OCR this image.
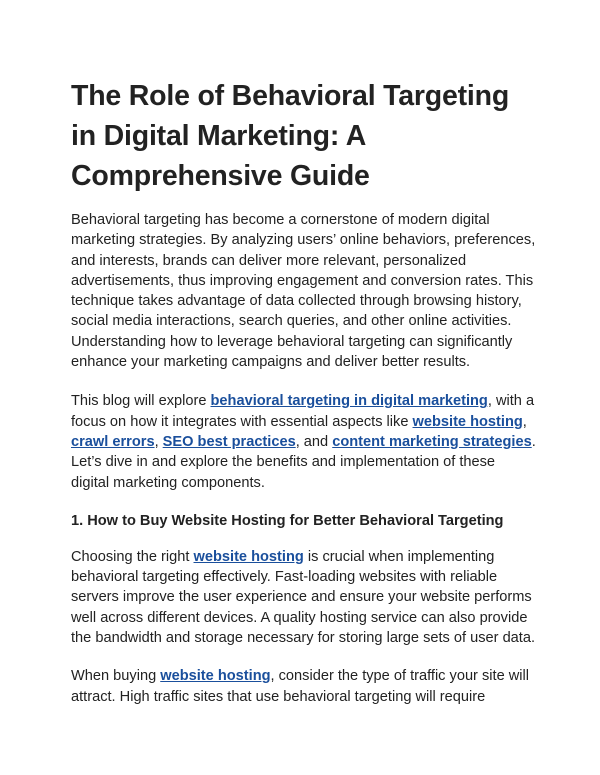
The Role of Behavioral Targeting in Digital Marketing: A Comprehensive Guide

Behavioral targeting has become a cornerstone of modern digital marketing strategies. By analyzing users’ online behaviors, preferences, and interests, brands can deliver more relevant, personalized advertisements, thus improving engagement and conversion rates. This technique takes advantage of data collected through browsing history, social media interactions, search queries, and other online activities. Understanding how to leverage behavioral targeting can significantly enhance your marketing campaigns and deliver better results.

This blog will explore behavioral targeting in digital marketing, with a focus on how it integrates with essential aspects like website hosting, crawl errors, SEO best practices, and content marketing strategies. Let’s dive in and explore the benefits and implementation of these digital marketing components.

1. How to Buy Website Hosting for Better Behavioral Targeting

Choosing the right website hosting is crucial when implementing behavioral targeting effectively. Fast-loading websites with reliable servers improve the user experience and ensure your website performs well across different devices. A quality hosting service can also provide the bandwidth and storage necessary for storing large sets of user data.

When buying website hosting, consider the type of traffic your site will attract. High traffic sites that use behavioral targeting will require
